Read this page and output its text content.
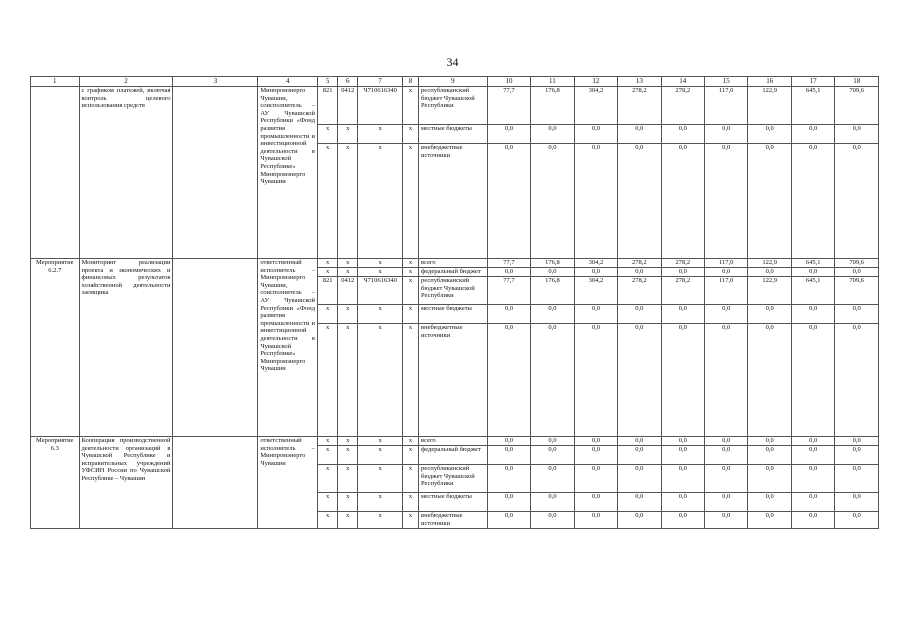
34
1	2	3	4	5	6	7	8	9	10	11	12	13	14	15	16	17	18
	с графиком платежей, включая контроль целевого использования средств		Минпромэнерго Чувашии, соисполнитель – АУ Чувашской Республики «Фонд развития промышленности и инвестиционной деятельности в Чувашской Республике» Минпромэнерго Чувашии	821	0412	Ч710616340	х	республиканский бюджет Чувашской Республики	77,7	176,8	304,2	278,2	278,2	117,0	122,9	645,1	709,6
				х	х	х	х	местные бюджеты	0,0	0,0	0,0	0,0	0,0	0,0	0,0	0,0	0,0
				х	х	х	х	внебюджетные источники	0,0	0,0	0,0	0,0	0,0	0,0	0,0	0,0	0,0
Мероприятие 6.2.7	Мониторинг реализации проекта и экономических и финансовых результатов хозяйственной деятельности заемщика		ответственный исполнитель – Минпромэнерго Чувашии, соисполнитель – АУ Чувашской Республики «Фонд развития промышленности и инвестиционной деятельности в Чувашской Республике» Минпромэнерго Чувашии	х	х	х	х	всего	77,7	176,8	304,2	278,2	278,2	117,0	122,9	645,1	709,6
				х	х	х	х	федеральный бюджет	0,0	0,0	0,0	0,0	0,0	0,0	0,0	0,0	0,0
				821	0412	Ч710616340	х	республиканский бюджет Чувашской Республики	77,7	176,8	304,2	278,2	278,2	117,0	122,9	645,1	709,6
				х	х	х	х	местные бюджеты	0,0	0,0	0,0	0,0	0,0	0,0	0,0	0,0	0,0
				х	х	х	х	внебюджетные источники	0,0	0,0	0,0	0,0	0,0	0,0	0,0	0,0	0,0
Мероприятие 6.3	Кооперация производственной деятельности организаций в Чувашской Республике и исправительных учреждений УФСИН России по Чувашской Республике – Чувашии		ответственный исполнитель – Минпромэнерго Чувашии	х	х	х	х	всего	0,0	0,0	0,0	0,0	0,0	0,0	0,0	0,0	0,0
				х	х	х	х	федеральный бюджет	0,0	0,0	0,0	0,0	0,0	0,0	0,0	0,0	0,0
				х	х	х	х	республиканский бюджет Чувашской Республики	0,0	0,0	0,0	0,0	0,0	0,0	0,0	0,0	0,0
				х	х	х	х	местные бюджеты	0,0	0,0	0,0	0,0	0,0	0,0	0,0	0,0	0,0
				х	х	х	х	внебюджетные источники	0,0	0,0	0,0	0,0	0,0	0,0	0,0	0,0	0,0
